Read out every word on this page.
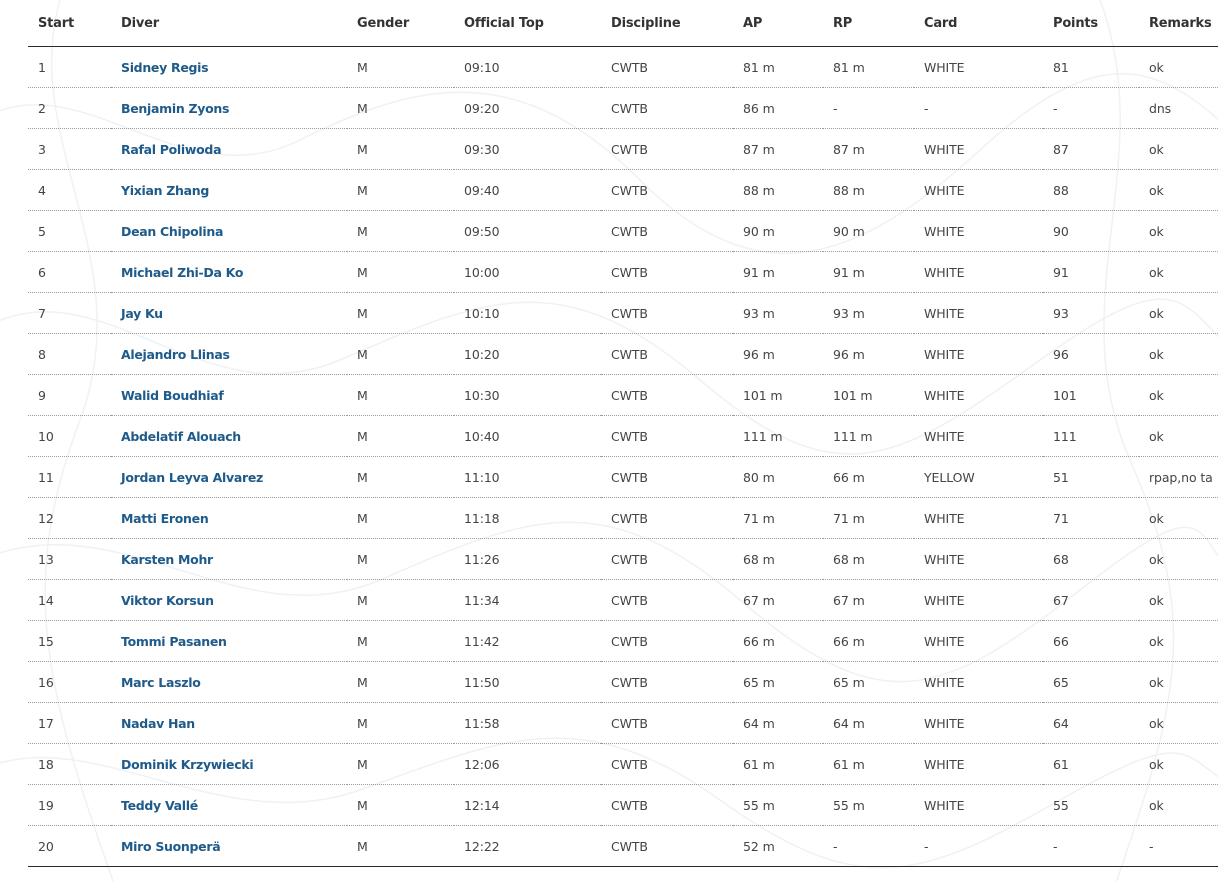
Start	Diver	Gender	Official Top	Discipline	AP	RP	Card	Points	Remarks
1	Sidney Regis	M	09:10	CWTB	81 m	81 m	WHITE	81	ok
2	Benjamin Zyons	M	09:20	CWTB	86 m	-	-	-	dns
3	Rafal Poliwoda	M	09:30	CWTB	87 m	87 m	WHITE	87	ok
4	Yixian Zhang	M	09:40	CWTB	88 m	88 m	WHITE	88	ok
5	Dean Chipolina	M	09:50	CWTB	90 m	90 m	WHITE	90	ok
6	Michael Zhi-Da Ko	M	10:00	CWTB	91 m	91 m	WHITE	91	ok
7	Jay Ku	M	10:10	CWTB	93 m	93 m	WHITE	93	ok
8	Alejandro Llinas	M	10:20	CWTB	96 m	96 m	WHITE	96	ok
9	Walid Boudhiaf	M	10:30	CWTB	101 m	101 m	WHITE	101	ok
10	Abdelatif Alouach	M	10:40	CWTB	111 m	111 m	WHITE	111	ok
11	Jordan Leyva Alvarez	M	11:10	CWTB	80 m	66 m	YELLOW	51	rpap,no ta
12	Matti Eronen	M	11:18	CWTB	71 m	71 m	WHITE	71	ok
13	Karsten Mohr	M	11:26	CWTB	68 m	68 m	WHITE	68	ok
14	Viktor Korsun	M	11:34	CWTB	67 m	67 m	WHITE	67	ok
15	Tommi Pasanen	M	11:42	CWTB	66 m	66 m	WHITE	66	ok
16	Marc Laszlo	M	11:50	CWTB	65 m	65 m	WHITE	65	ok
17	Nadav Han	M	11:58	CWTB	64 m	64 m	WHITE	64	ok
18	Dominik Krzywiecki	M	12:06	CWTB	61 m	61 m	WHITE	61	ok
19	Teddy Vallé	M	12:14	CWTB	55 m	55 m	WHITE	55	ok
20	Miro Suonperä	M	12:22	CWTB	52 m	-	-	-	-
